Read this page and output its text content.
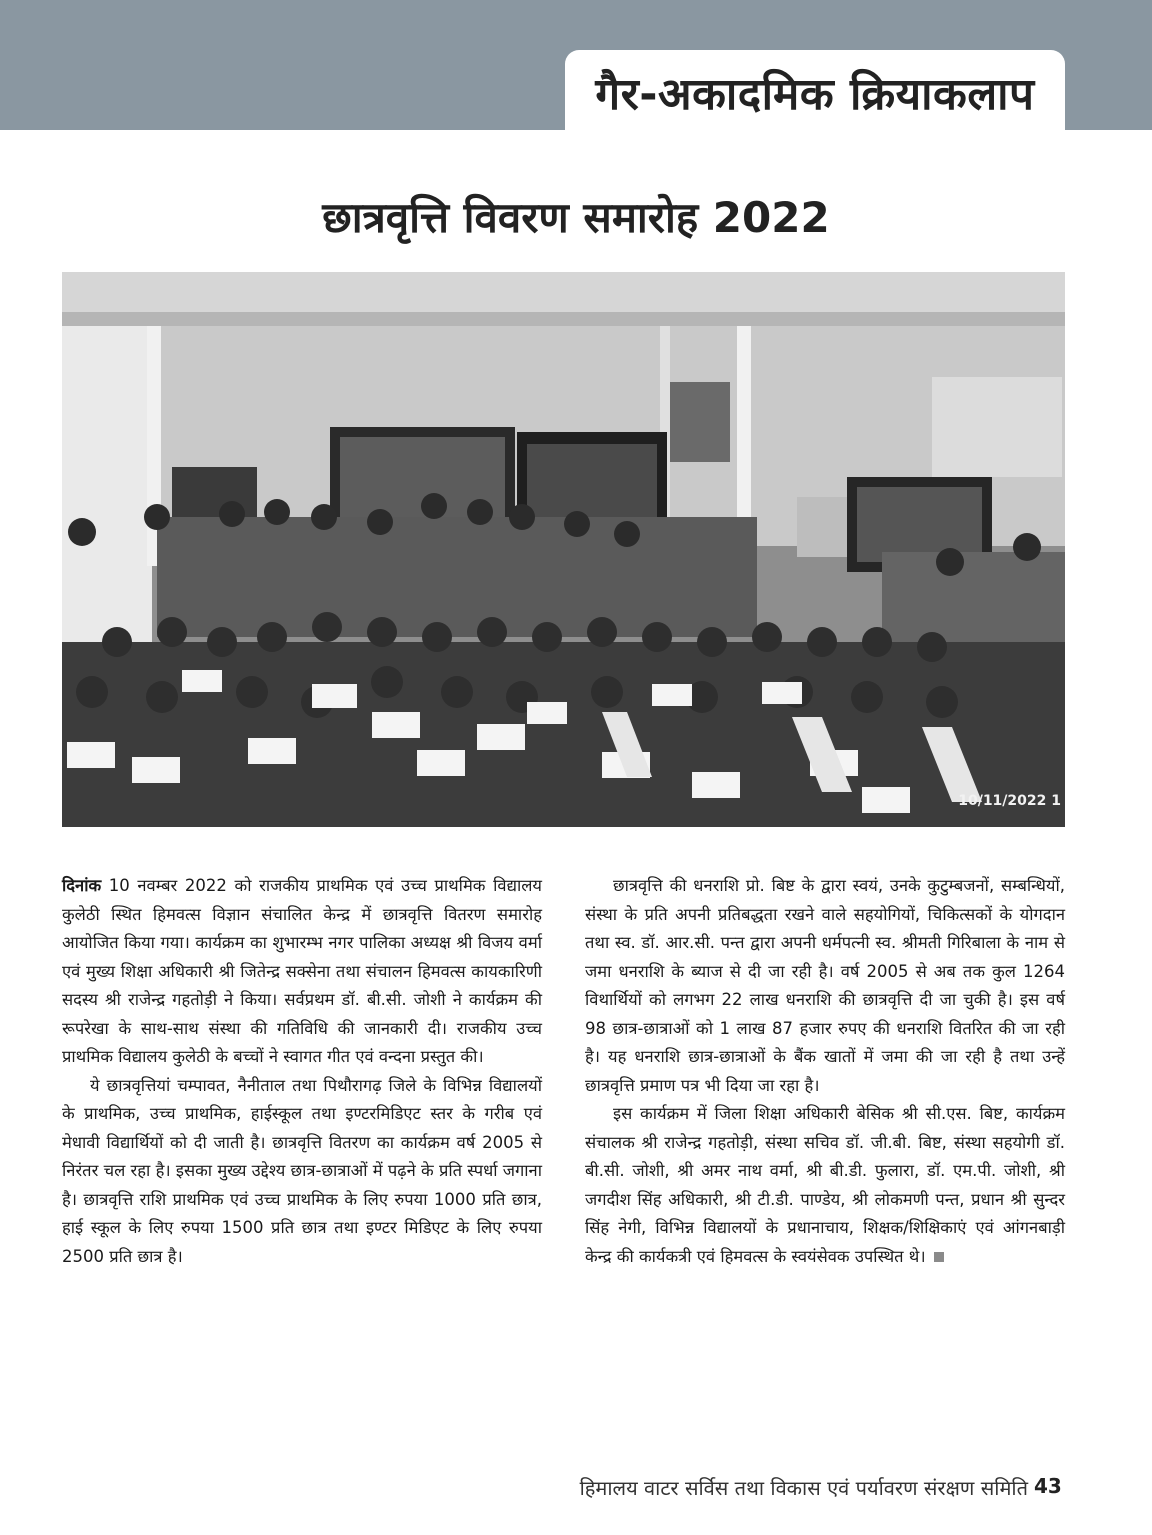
गैर-अकादमिक क्रियाकलाप
छात्रवृत्ति विवरण समारोह 2022
10/11/2022 1

दिनांक 10 नवम्बर 2022 को राजकीय प्राथमिक एवं उच्च प्राथमिक विद्यालय कुलेठी स्थित हिमवत्स विज्ञान संचालित केन्द्र में छात्रवृत्ति वितरण समारोह आयोजित किया गया। कार्यक्रम का शुभारम्भ नगर पालिका अध्यक्ष श्री विजय वर्मा एवं मुख्य शिक्षा अधिकारी श्री जितेन्द्र सक्सेना तथा संचालन हिमवत्स कायकारिणी सदस्य श्री राजेन्द्र गहतोड़ी ने किया। सर्वप्रथम डॉ. बी.सी. जोशी ने कार्यक्रम की रूपरेखा के साथ-साथ संस्था की गतिविधि की जानकारी दी। राजकीय उच्च प्राथमिक विद्यालय कुलेठी के बच्चों ने स्वागत गीत एवं वन्दना प्रस्तुत की।

ये छात्रवृत्तियां चम्पावत, नैनीताल तथा पिथौरागढ़ जिले के विभिन्न विद्यालयों के प्राथमिक, उच्च प्राथमिक, हाईस्कूल तथा इण्टरमिडिएट स्तर के गरीब एवं मेधावी विद्यार्थियों को दी जाती है। छात्रवृत्ति वितरण का कार्यक्रम वर्ष 2005 से निरंतर चल रहा है। इसका मुख्य उद्देश्य छात्र-छात्राओं में पढ़ने के प्रति स्पर्धा जगाना है। छात्रवृत्ति राशि प्राथमिक एवं उच्च प्राथमिक के लिए रुपया 1000 प्रति छात्र, हाई स्कूल के लिए रुपया 1500 प्रति छात्र तथा इण्टर मिडिएट के लिए रुपया 2500 प्रति छात्र है।

छात्रवृत्ति की धनराशि प्रो. बिष्ट के द्वारा स्वयं, उनके कुटुम्बजनों, सम्बन्धियों, संस्था के प्रति अपनी प्रतिबद्धता रखने वाले सहयोगियों, चिकित्सकों के योगदान तथा स्व. डॉ. आर.सी. पन्त द्वारा अपनी धर्मपत्नी स्व. श्रीमती गिरिबाला के नाम से जमा धनराशि के ब्याज से दी जा रही है। वर्ष 2005 से अब तक कुल 1264 विथार्थियों को लगभग 22 लाख धनराशि की छात्रवृत्ति दी जा चुकी है। इस वर्ष 98 छात्र-छात्राओं को 1 लाख 87 हजार रुपए की धनराशि वितरित की जा रही है। यह धनराशि छात्र-छात्राओं के बैंक खातों में जमा की जा रही है तथा उन्हें छात्रवृत्ति प्रमाण पत्र भी दिया जा रहा है।

इस कार्यक्रम में जिला शिक्षा अधिकारी बेसिक श्री सी.एस. बिष्ट, कार्यक्रम संचालक श्री राजेन्द्र गहतोड़ी, संस्था सचिव डॉ. जी.बी. बिष्ट, संस्था सहयोगी डॉ. बी.सी. जोशी, श्री अमर नाथ वर्मा, श्री बी.डी. फुलारा, डॉ. एम.पी. जोशी, श्री जगदीश सिंह अधिकारी, श्री टी.डी. पाण्डेय, श्री लोकमणी पन्त, प्रधान श्री सुन्दर सिंह नेगी, विभिन्न विद्यालयों के प्रधानाचाय, शिक्षक/शिक्षिकाएं एवं आंगनबाड़ी केन्द्र की कार्यकत्री एवं हिमवत्स के स्वयंसेवक उपस्थित थे।

हिमालय वाटर सर्विस तथा विकास एवं पर्यावरण संरक्षण समिति 43
